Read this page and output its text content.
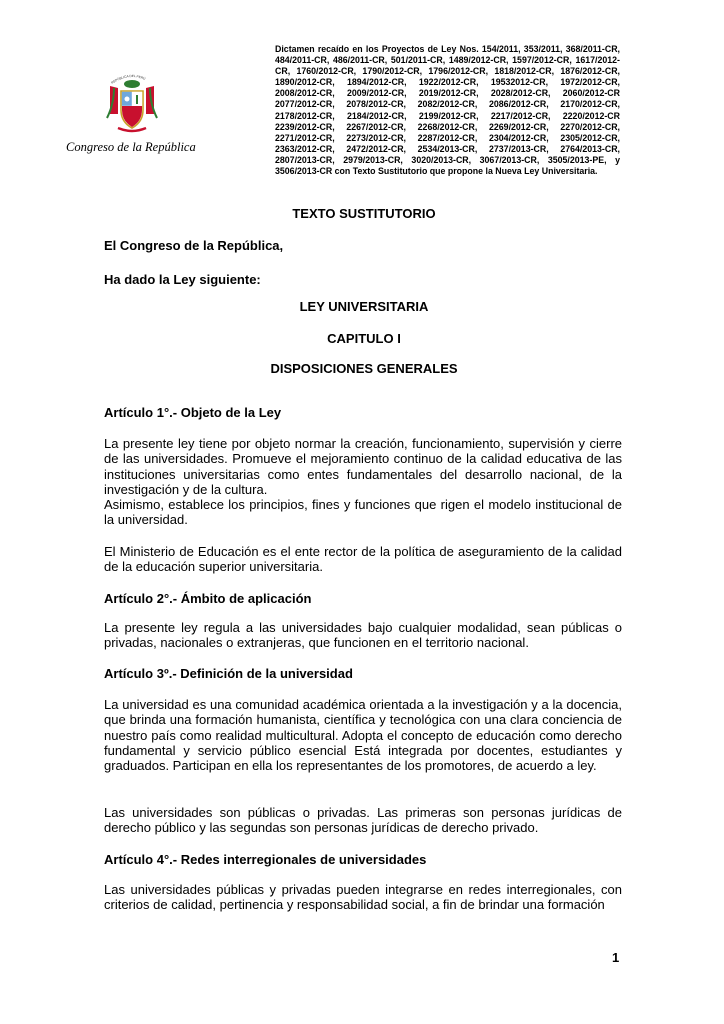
REPÚBLICA DEL PERÚ
Congreso de la República
Dictamen recaído en los Proyectos de Ley Nos. 154/2011, 353/2011, 368/2011-CR, 484/2011-CR, 486/2011-CR, 501/2011-CR, 1489/2012-CR, 1597/2012-CR, 1617/2012-CR, 1760/2012-CR, 1790/2012-CR, 1796/2012-CR, 1818/2012-CR, 1876/2012-CR, 1890/2012-CR, 1894/2012-CR, 1922/2012-CR, 19532012-CR, 1972/2012-CR, 2008/2012-CR, 2009/2012-CR, 2019/2012-CR, 2028/2012-CR, 2060/2012-CR 2077/2012-CR, 2078/2012-CR, 2082/2012-CR, 2086/2012-CR, 2170/2012-CR, 2178/2012-CR, 2184/2012-CR, 2199/2012-CR, 2217/2012-CR, 2220/2012-CR 2239/2012-CR, 2267/2012-CR, 2268/2012-CR, 2269/2012-CR, 2270/2012-CR, 2271/2012-CR, 2273/2012-CR, 2287/2012-CR, 2304/2012-CR, 2305/2012-CR, 2363/2012-CR, 2472/2012-CR, 2534/2013-CR, 2737/2013-CR, 2764/2013-CR, 2807/2013-CR, 2979/2013-CR, 3020/2013-CR, 3067/2013-CR, 3505/2013-PE, y 3506/2013-CR con Texto Sustitutorio que propone la Nueva Ley Universitaria.
TEXTO SUSTITUTORIO
El Congreso de la República,
Ha dado la Ley siguiente:
LEY UNIVERSITARIA
CAPITULO I
DISPOSICIONES GENERALES
Artículo 1°.- Objeto de la Ley

La presente ley tiene por objeto normar la creación, funcionamiento, supervisión y cierre de las universidades. Promueve el mejoramiento continuo de la calidad educativa de las instituciones universitarias como entes fundamentales del desarrollo nacional, de la investigación y de la cultura.

Asimismo, establece los principios, fines y funciones que rigen el modelo institucional de la universidad.

El Ministerio de Educación es el ente rector de la política de aseguramiento de la calidad de la educación superior universitaria.
Artículo 2°.- Ámbito de aplicación
La presente ley regula a las universidades bajo cualquier modalidad, sean públicas o privadas, nacionales o extranjeras, que funcionen en el territorio nacional.
Artículo 3º.- Definición de la universidad
La universidad es una comunidad académica orientada a la investigación y a la docencia, que brinda una formación humanista, científica y tecnológica con una clara conciencia de nuestro país como realidad multicultural. Adopta el concepto de educación como derecho fundamental y servicio público esencial Está integrada por docentes, estudiantes y graduados. Participan en ella los representantes de los promotores, de acuerdo a ley.
Las universidades son públicas o privadas. Las primeras son personas jurídicas de derecho público y las segundas son personas jurídicas de derecho privado.
Artículo 4°.- Redes interregionales de universidades
Las universidades públicas y privadas pueden integrarse en redes interregionales, con criterios de calidad, pertinencia y responsabilidad social, a fin de brindar una formación
1
